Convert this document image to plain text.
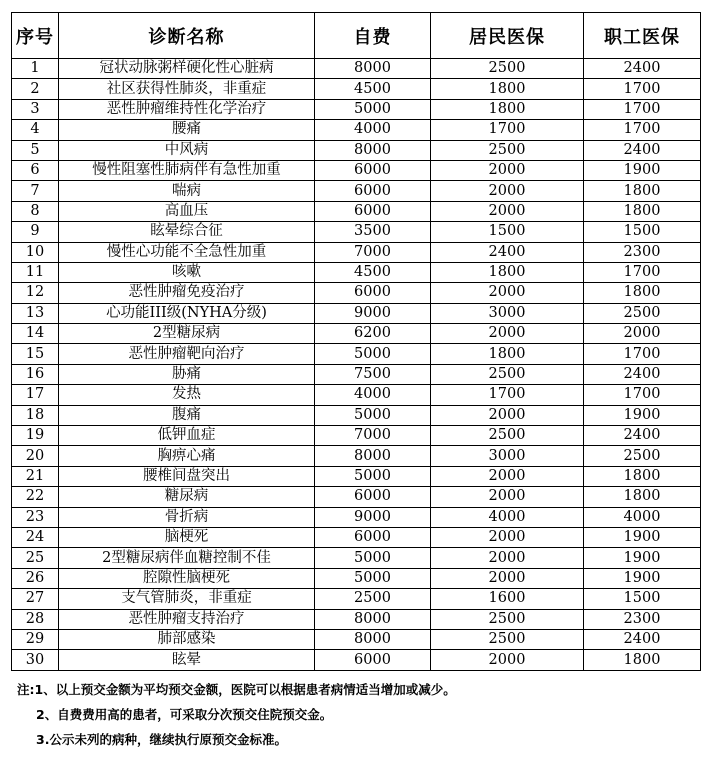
序号	诊断名称	自费	居民医保	职工医保
1	冠状动脉粥样硬化性心脏病	8000	2500	2400
2	社区获得性肺炎，非重症	4500	1800	1700
3	恶性肿瘤维持性化学治疗	5000	1800	1700
4	腰痛	4000	1700	1700
5	中风病	8000	2500	2400
6	慢性阻塞性肺病伴有急性加重	6000	2000	1900
7	喘病	6000	2000	1800
8	高血压	6000	2000	1800
9	眩晕综合征	3500	1500	1500
10	慢性心功能不全急性加重	7000	2400	2300
11	咳嗽	4500	1800	1700
12	恶性肿瘤免疫治疗	6000	2000	1800
13	心功能III级(NYHA分级)	9000	3000	2500
14	2型糖尿病	6200	2000	2000
15	恶性肿瘤靶向治疗	5000	1800	1700
16	胁痛	7500	2500	2400
17	发热	4000	1700	1700
18	腹痛	5000	2000	1900
19	低钾血症	7000	2500	2400
20	胸痹心痛	8000	3000	2500
21	腰椎间盘突出	5000	2000	1800
22	糖尿病	6000	2000	1800
23	骨折病	9000	4000	4000
24	脑梗死	6000	2000	1900
25	2型糖尿病伴血糖控制不佳	5000	2000	1900
26	腔隙性脑梗死	5000	2000	1900
27	支气管肺炎，非重症	2500	1600	1500
28	恶性肿瘤支持治疗	8000	2500	2300
29	肺部感染	8000	2500	2400
30	眩晕	6000	2000	1800
注:1、以上预交金额为平均预交金额，医院可以根据患者病情适当增加或减少。
2、自费费用高的患者，可采取分次预交住院预交金。
3.公示未列的病种，继续执行原预交金标准。
